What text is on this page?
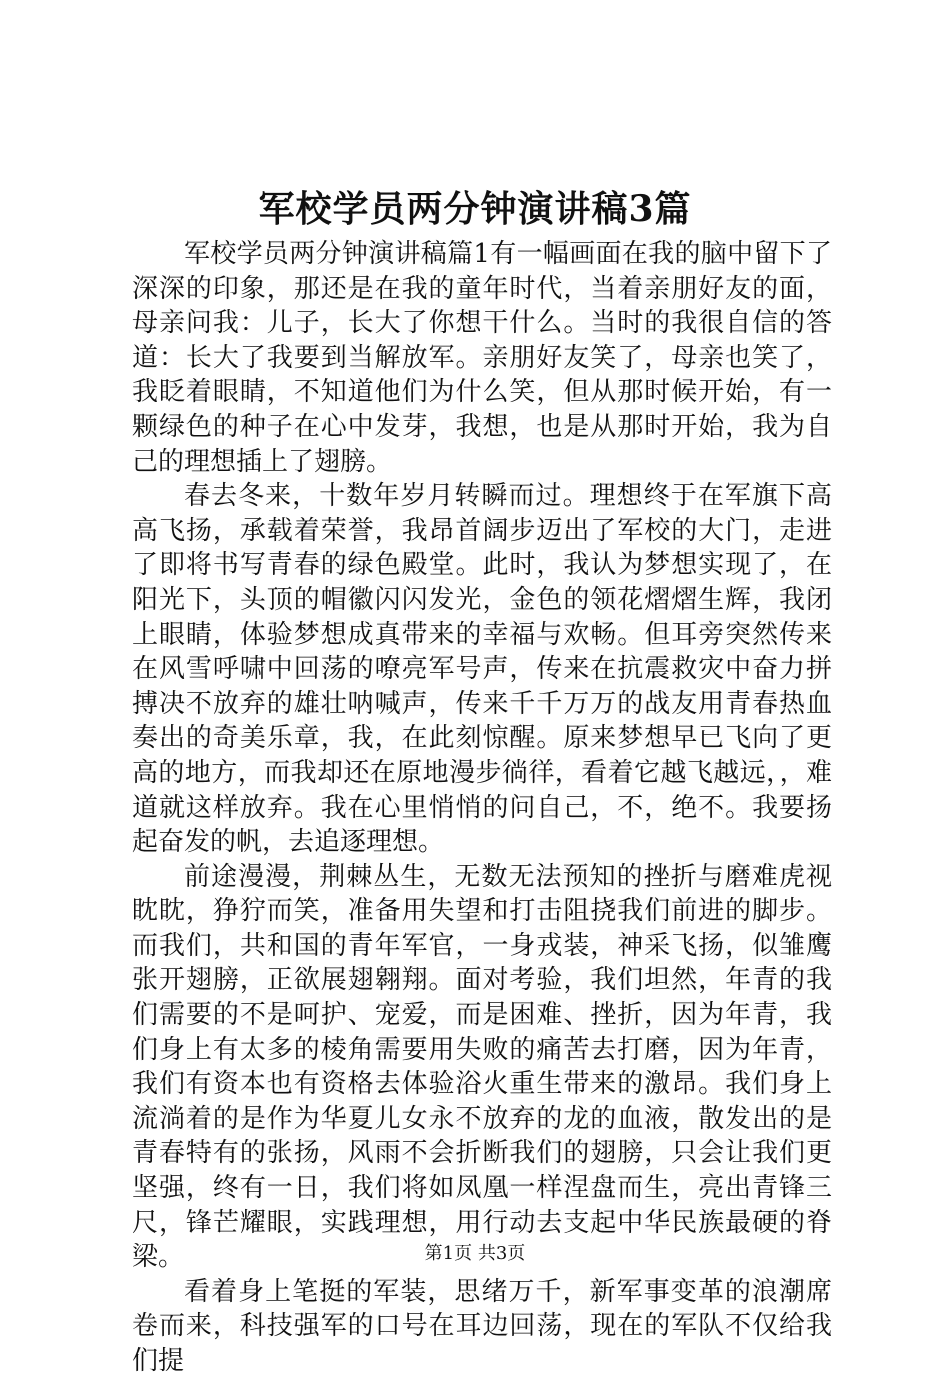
军校学员两分钟演讲稿3篇

军校学员两分钟演讲稿篇1有一幅画面在我的脑中留下了深深的印象，那还是在我的童年时代，当着亲朋好友的面，母亲问我：儿子，长大了你想干什么。当时的我很自信的答道：长大了我要到当解放军。亲朋好友笑了，母亲也笑了，我眨着眼睛，不知道他们为什么笑，但从那时候开始，有一颗绿色的种子在心中发芽，我想，也是从那时开始，我为自己的理想插上了翅膀。

春去冬来，十数年岁月转瞬而过。理想终于在军旗下高高飞扬，承载着荣誉，我昂首阔步迈出了军校的大门，走进了即将书写青春的绿色殿堂。此时，我认为梦想实现了，在阳光下，头顶的帽徽闪闪发光，金色的领花熠熠生辉，我闭上眼睛，体验梦想成真带来的幸福与欢畅。但耳旁突然传来在风雪呼啸中回荡的嘹亮军号声，传来在抗震救灾中奋力拼搏决不放弃的雄壮呐喊声，传来千千万万的战友用青春热血奏出的奇美乐章，我，在此刻惊醒。原来梦想早已飞向了更高的地方，而我却还在原地漫步徜徉，看着它越飞越远，，难道就这样放弃。我在心里悄悄的问自己，不，绝不。我要扬起奋发的帆，去追逐理想。

前途漫漫，荆棘丛生，无数无法预知的挫折与磨难虎视眈眈，狰狞而笑，准备用失望和打击阻挠我们前进的脚步。而我们，共和国的青年军官，一身戎装，神采飞扬，似雏鹰张开翅膀，正欲展翅翱翔。面对考验，我们坦然，年青的我们需要的不是呵护、宠爱，而是困难、挫折，因为年青，我们身上有太多的棱角需要用失败的痛苦去打磨，因为年青，我们有资本也有资格去体验浴火重生带来的激昂。我们身上流淌着的是作为华夏儿女永不放弃的龙的血液，散发出的是青春特有的张扬，风雨不会折断我们的翅膀，只会让我们更坚强，终有一日，我们将如凤凰一样涅盘而生，亮出青锋三尺，锋芒耀眼，实践理想，用行动去支起中华民族最硬的脊梁。

看着身上笔挺的军装，思绪万千，新军事变革的浪潮席卷而来，科技强军的口号在耳边回荡，现在的军队不仅给我们提

第1页 共3页
